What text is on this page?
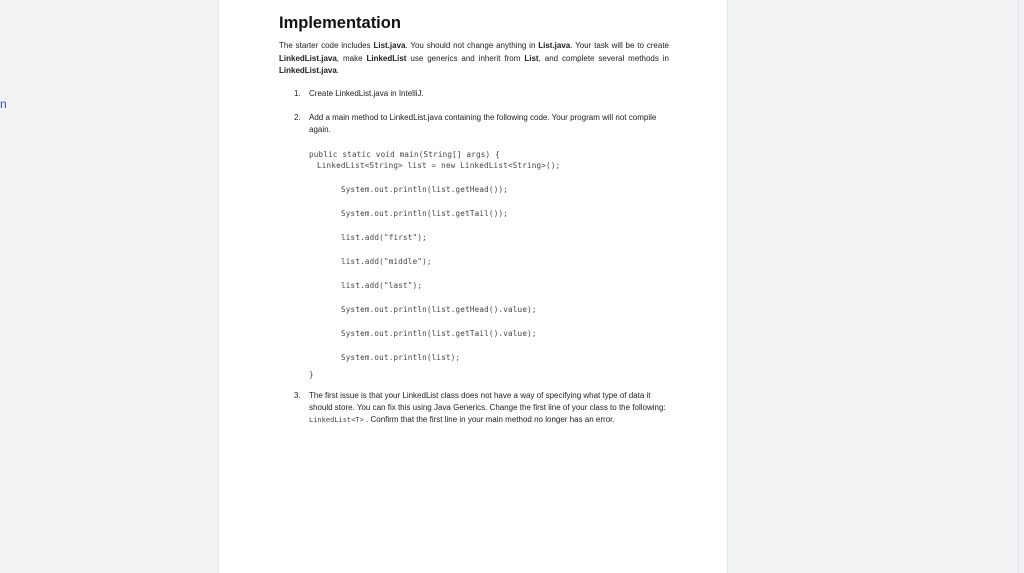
n
Implementation

The starter code includes List.java. You should not change anything in List.java. Your task will be to create LinkedList.java, make LinkedList use generics and inherit from List, and complete several methods in LinkedList.java.

1. Create LinkedList.java in IntelliJ.
2. Add a main method to LinkedList.java containing the following code. Your program will not compile again.
public static void main(String[] args) {
LinkedList<String> list = new LinkedList<String>();
System.out.println(list.getHead());
System.out.println(list.getTail());
list.add("first");
list.add("middle");
list.add("last");
System.out.println(list.getHead().value);
System.out.println(list.getTail().value);
System.out.println(list);
}
3. The first issue is that your LinkedList class does not have a way of specifying what type of data it should store. You can fix this using Java Generics. Change the first line of your class to the following: LinkedList<T> . Confirm that the first line in your main method no longer has an error.
